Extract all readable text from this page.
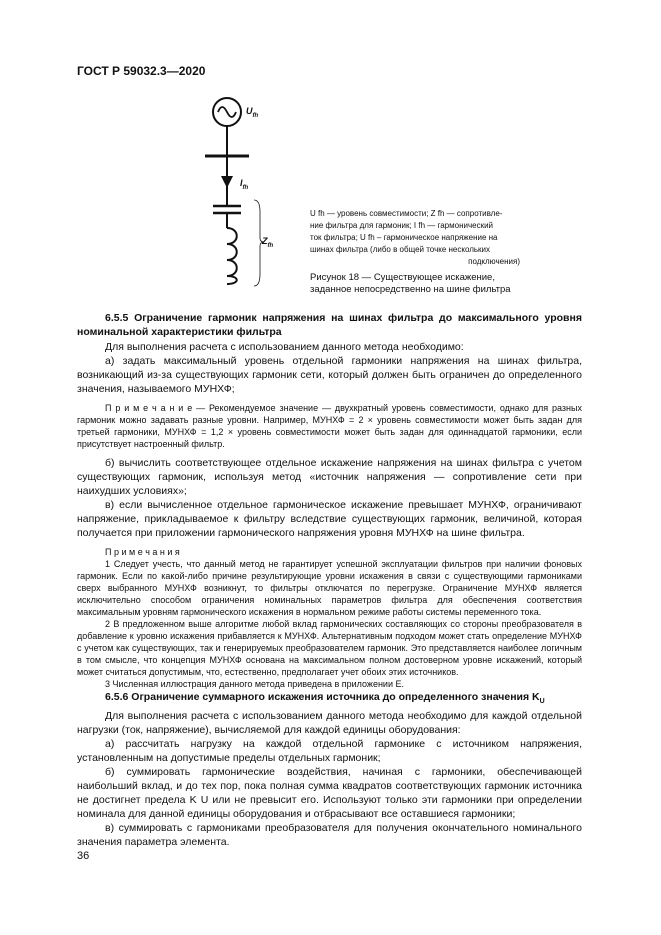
ГОСТ Р 59032.3—2020
$U_{fh}$
$I_{fh}$
$Z_{fh}$
U fh — уровень совместимости; Z fh — сопротивле-
ние фильтра для гармоник; I fh — гармонический
ток фильтра; U fh – гармоническое напряжение на
шинах фильтра (либо в общей точке нескольких
подключения)
Рисунок 18 — Существующее искажение,
заданное непосредственно на шине фильтра

6.5.5 Ограничение гармоник напряжения на шинах фильтра до максимального уровня номинальной характеристики фильтра

Для выполнения расчета с использованием данного метода необходимо:

а) задать максимальный уровень отдельной гармоники напряжения на шинах фильтра, возникающий из-за существующих гармоник сети, который должен быть ограничен до определенного значения, называемого МУНХФ;

П р и м е ч а н и е — Рекомендуемое значение — двухкратный уровень совместимости, однако для разных гармоник можно задавать разные уровни. Например, МУНХФ = 2 × уровень совместимости может быть задан для третьей гармоники, МУНХФ = 1,2 × уровень совместимости может быть задан для одиннадцатой гармоники, если присутствует настроенный фильтр.

б) вычислить соответствующее отдельное искажение напряжения на шинах фильтра с учетом существующих гармоник, используя метод «источник напряжения — сопротивление сети при наихудших условиях»;

в) если вычисленное отдельное гармоническое искажение превышает МУНХФ, ограничивают напряжение, прикладываемое к фильтру вследствие существующих гармоник, величиной, которая получается при приложении гармонического напряжения уровня МУНХФ на шине фильтра.

П р и м е ч а н и я

1 Следует учесть, что данный метод не гарантирует успешной эксплуатации фильтров при наличии фоновых гармоник. Если по какой-либо причине результирующие уровни искажения в связи с существующими гармониками сверх выбранного МУНХФ возникнут, то фильтры отключатся по перегрузке. Ограничение МУНХФ является исключительно способом ограничения номинальных параметров фильтра для обеспечения соответствия максимальным уровням гармонического искажения в нормальном режиме работы системы переменного тока.

2 В предложенном выше алгоритме любой вклад гармонических составляющих со стороны преобразователя в добавление к уровню искажения прибавляется к МУНХФ. Альтернативным подходом может стать определение МУНХФ с учетом как существующих, так и генерируемых преобразователем гармоник. Это представляется наиболее логичным в том смысле, что концепция МУНХФ основана на максимальном полном достоверном уровне искажений, который может считаться допустимым, что, естественно, предполагает учет обоих этих источников.

3 Численная иллюстрация данного метода приведена в приложении Е.

6.5.6 Ограничение суммарного искажения источника до определенного значения $K_U$

Для выполнения расчета с использованием данного метода необходимо для каждой отдельной нагрузки (ток, напряжение), вычисляемой для каждой единицы оборудования:

а) рассчитать нагрузку на каждой отдельной гармонике с источником напряжения, установленным на допустимые пределы отдельных гармоник;

б) суммировать гармонические воздействия, начиная с гармоники, обеспечивающей наибольший вклад, и до тех пор, пока полная сумма квадратов соответствующих гармоник источника не достигнет предела K U или не превысит его. Используют только эти гармоники при определении номинала для данной единицы оборудования и отбрасывают все оставшиеся гармоники;

в) суммировать с гармониками преобразователя для получения окончательного номинального значения параметра элемента.

36
